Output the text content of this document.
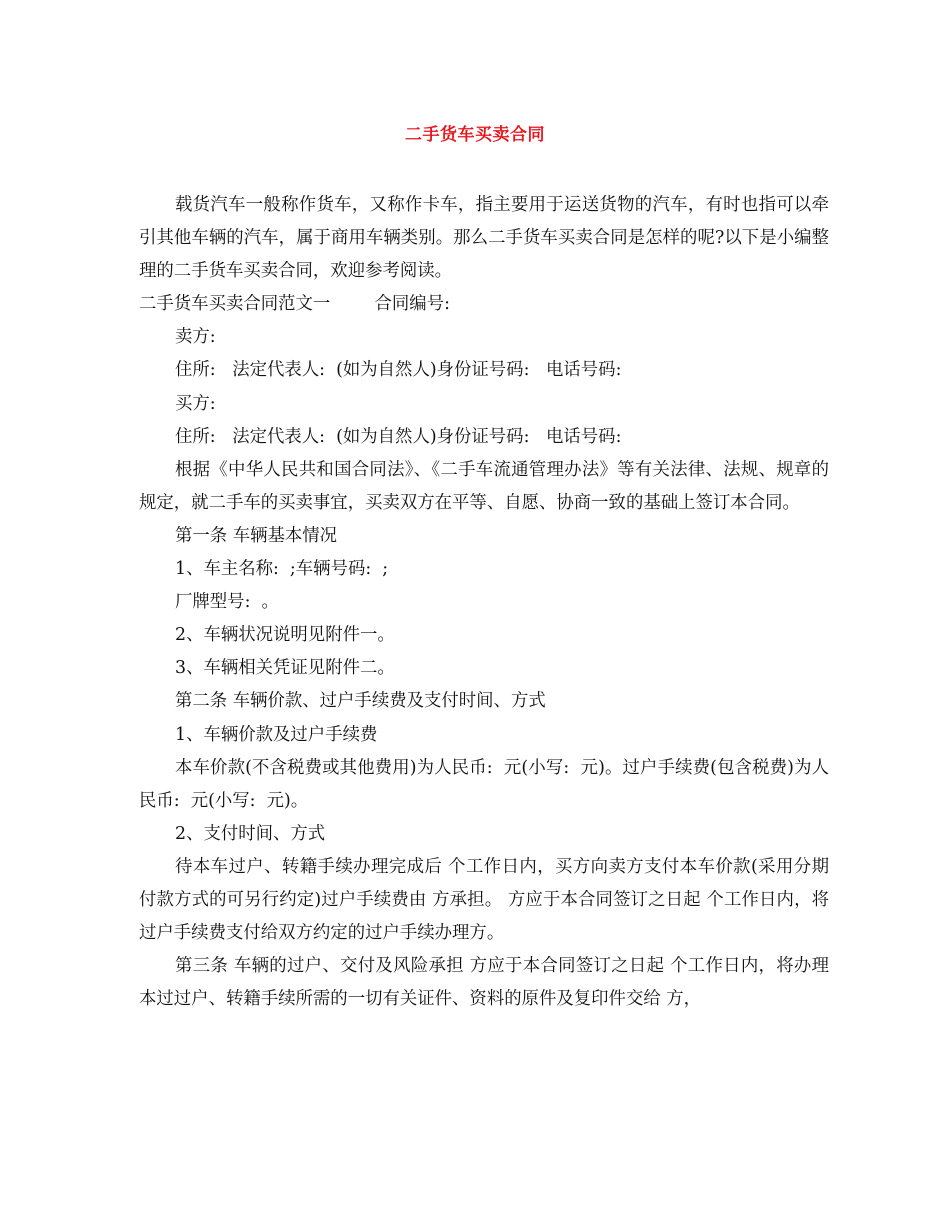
二手货车买卖合同

载货汽车一般称作货车，又称作卡车，指主要用于运送货物的汽车，有时也指可以牵引其他车辆的汽车，属于商用车辆类别。那么二手货车买卖合同是怎样的呢?以下是小编整理的二手货车买卖合同，欢迎参考阅读。

二手货车买卖合同范文一        合同编号:

卖方:

住所:   法定代表人:  (如为自然人)身份证号码:   电话号码:

买方:

住所:   法定代表人:  (如为自然人)身份证号码:   电话号码:

根据《中华人民共和国合同法》、《二手车流通管理办法》等有关法律、法规、规章的规定，就二手车的买卖事宜，买卖双方在平等、自愿、协商一致的基础上签订本合同。

第一条 车辆基本情况

1、车主名称:  ;车辆号码:  ;

厂牌型号:  。

2、车辆状况说明见附件一。

3、车辆相关凭证见附件二。

第二条 车辆价款、过户手续费及支付时间、方式

1、车辆价款及过户手续费

本车价款(不含税费或其他费用)为人民币:  元(小写:  元)。过户手续费(包含税费)为人民币:  元(小写:  元)。

2、支付时间、方式

待本车过户、转籍手续办理完成后 个工作日内，买方向卖方支付本车价款(采用分期付款方式的可另行约定)过户手续费由 方承担。 方应于本合同签订之日起 个工作日内，将过户手续费支付给双方约定的过户手续办理方。

第三条 车辆的过户、交付及风险承担 方应于本合同签订之日起 个工作日内，将办理本过过户、转籍手续所需的一切有关证件、资料的原件及复印件交给 方，
